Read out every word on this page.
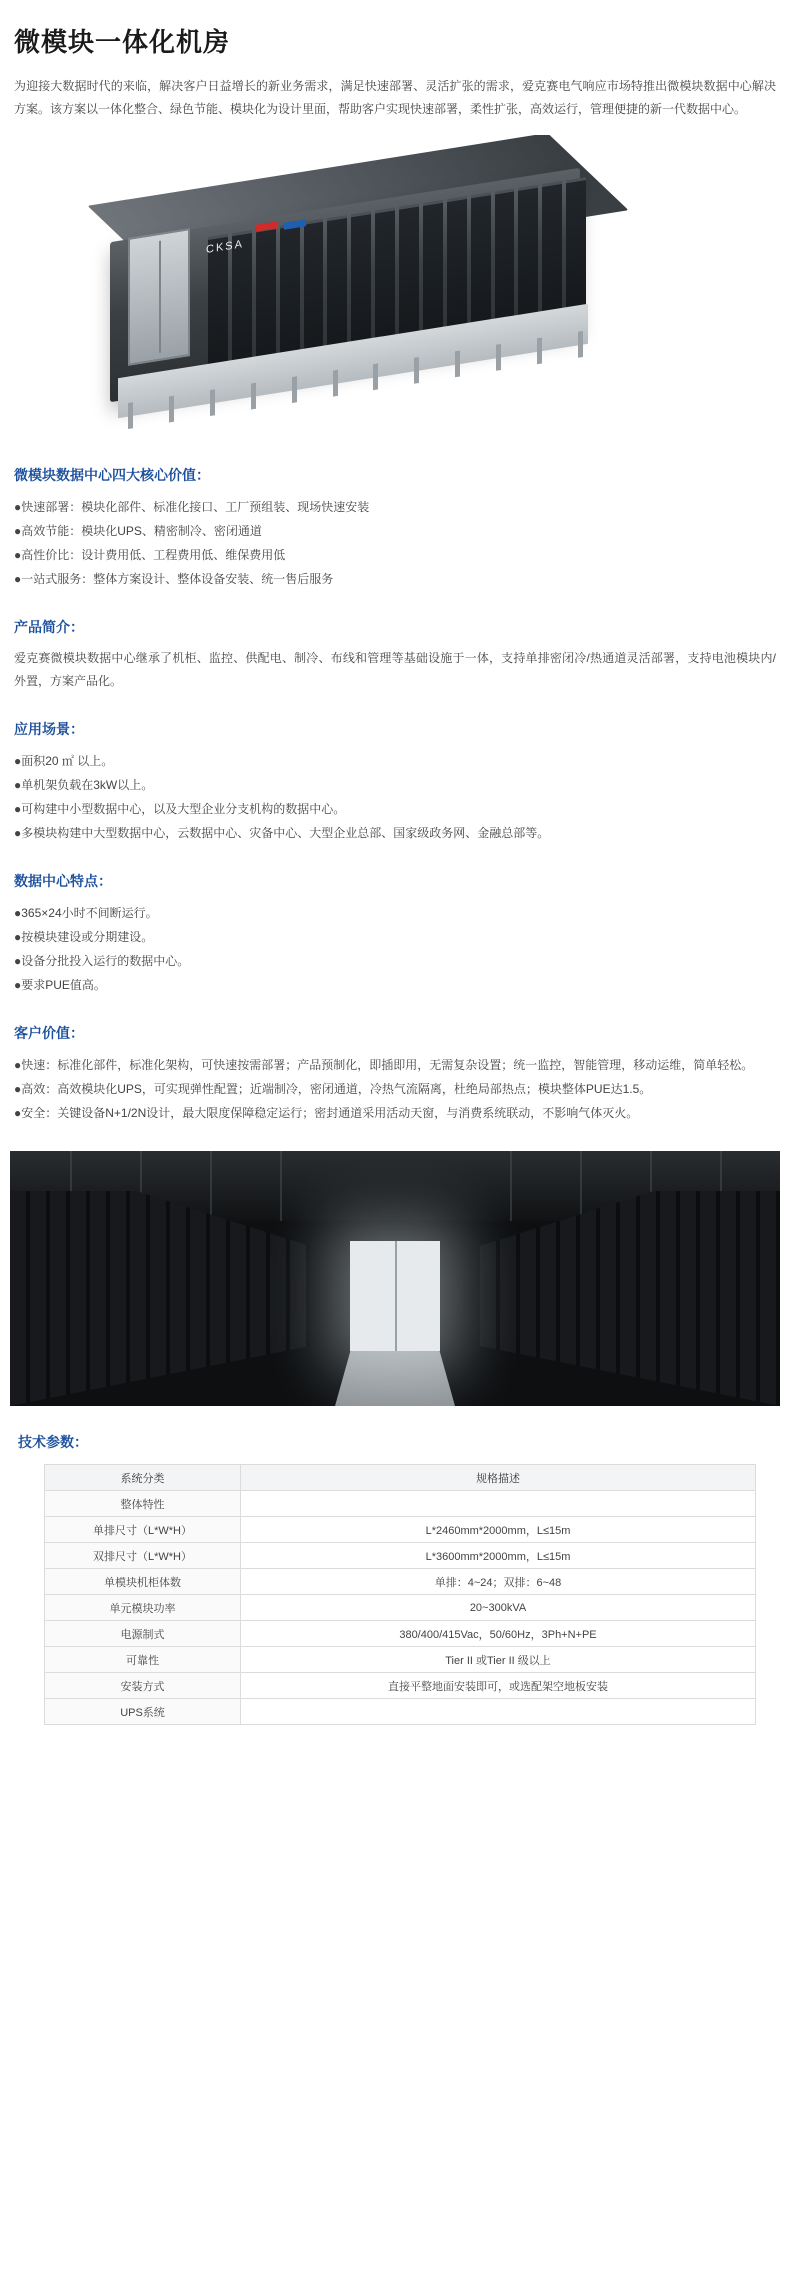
微模块一体化机房

为迎接大数据时代的来临，解决客户日益增长的新业务需求，满足快速部署、灵活扩张的需求，爱克赛电气响应市场特推出微模块数据中心解决方案。该方案以一体化整合、绿色节能、模块化为设计里面，帮助客户实现快速部署，柔性扩张，高效运行，管理便捷的新一代数据中心。

CKSA
微模块数据中心四大核心价值：
●快速部署：模块化部件、标准化接口、工厂预组装、现场快速安装
●高效节能：模块化UPS、精密制冷、密闭通道
●高性价比：设计费用低、工程费用低、维保费用低
●一站式服务：整体方案设计、整体设备安装、统一售后服务
产品简介：

爱克赛微模块数据中心继承了机柜、监控、供配电、制冷、布线和管理等基础设施于一体，支持单排密闭冷/热通道灵活部署，支持电池模块内/外置，方案产品化。

应用场景：
●面积20 ㎡ 以上。
●单机架负载在3kW以上。
●可构建中小型数据中心，以及大型企业分支机构的数据中心。
●多模块构建中大型数据中心，云数据中心、灾备中心、大型企业总部、国家级政务网、金融总部等。
数据中心特点：
●365×24小时不间断运行。
●按模块建设或分期建设。
●设备分批投入运行的数据中心。
●要求PUE值高。
客户价值：
●快速：标准化部件，标准化架构，可快速按需部署；产品预制化，即插即用，无需复杂设置；统一监控，智能管理，移动运维，简单轻松。
●高效：高效模块化UPS，可实现弹性配置；近端制冷，密闭通道，冷热气流隔离，杜绝局部热点；模块整体PUE达1.5。
●安全：关键设备N+1/2N设计，最大限度保障稳定运行；密封通道采用活动天窗，与消费系统联动，不影响气体灭火。
技术参数：
系统分类	规格描述
整体特性	
单排尺寸（L*W*H）	L*2460mm*2000mm，L≤15m
双排尺寸（L*W*H）	L*3600mm*2000mm，L≤15m
单模块机柜体数	单排：4~24；双排：6~48
单元模块功率	20~300kVA
电源制式	380/400/415Vac，50/60Hz，3Ph+N+PE
可靠性	Tier II 或Tier II 级以上
安装方式	直接平整地面安装即可，或选配架空地板安装
UPS系统	
